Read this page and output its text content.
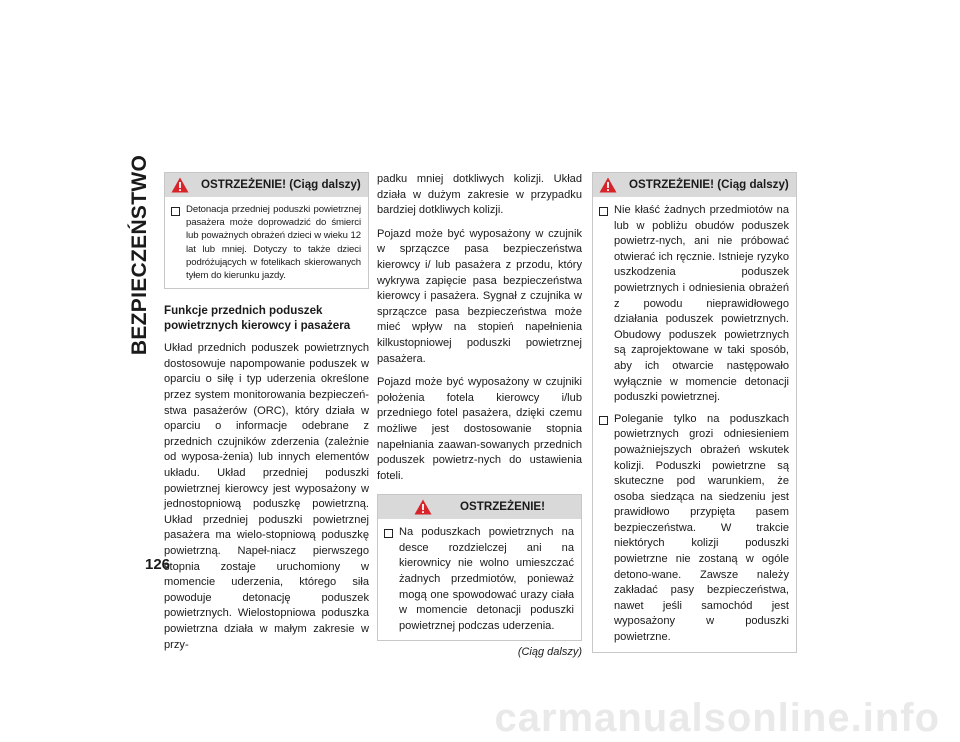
BEZPIECZEŃSTWO	OSTRZEŻENIE! (Ciąg dalszy)
Detonacja przedniej poduszki powietrznej pasażera może doprowadzić do śmierci lub poważnych obrażeń dzieci w wieku 12 lat lub mniej. Dotyczy to także dzieci podróżujących w fotelikach skierowanych tyłem do kierunku jazdy.
Funkcje przednich poduszek powietrznych kierowcy i pasażera

Układ przednich poduszek powietrznych dostosowuje napompowanie poduszek w oparciu o siłę i typ uderzenia określone przez system monitorowania bezpieczeń-stwa pasażerów (ORC), który działa w oparciu o informacje odebrane z przednich czujników zderzenia (zależnie od wyposa-żenia) lub innych elementów układu. Układ przedniej poduszki powietrznej kierowcy jest wyposażony w jednostopniową poduszkę powietrzną. Układ przedniej poduszki powietrznej pasażera ma wielo-stopniową poduszkę powietrzną. Napeł-niacz pierwszego stopnia zostaje uruchomiony w momencie uderzenia, którego siła powoduje detonację poduszek powietrznych. Wielostopniowa poduszka powietrzna działa w małym zakresie w przy-

padku mniej dotkliwych kolizji. Układ działa w dużym zakresie w przypadku bardziej dotkliwych kolizji.

Pojazd może być wyposażony w czujnik w sprzączce pasa bezpieczeństwa kierowcy i/ lub pasażera z przodu, który wykrywa zapięcie pasa bezpieczeństwa kierowcy i pasażera. Sygnał z czujnika w sprzączce pasa bezpieczeństwa może mieć wpływ na stopień napełnienia kilkustopniowej poduszki powietrznej pasażera.

Pojazd może być wyposażony w czujniki położenia fotela kierowcy i/lub przedniego fotel pasażera, dzięki czemu możliwe jest dostosowanie stopnia napełniania zaawan-sowanych przednich poduszek powietrz-nych do ustawienia foteli.

OSTRZEŻENIE!
Na poduszkach powietrznych na desce rozdzielczej ani na kierownicy nie wolno umieszczać żadnych przedmiotów, ponieważ mogą one spowodować urazy ciała w momencie detonacji poduszki powietrznej podczas uderzenia.
(Ciąg dalszy)
OSTRZEŻENIE! (Ciąg dalszy)
Nie kłaść żadnych przedmiotów na lub w pobliżu obudów poduszek powietrz-nych, ani nie próbować otwierać ich ręcznie. Istnieje ryzyko uszkodzenia poduszek powietrznych i odniesienia obrażeń z powodu nieprawidłowego działania poduszek powietrznych. Obudowy poduszek powietrznych są zaprojektowane w taki sposób, aby ich otwarcie następowało wyłącznie w momencie detonacji poduszki powietrznej.
Poleganie tylko na poduszkach powietrznych grozi odniesieniem poważniejszych obrażeń wskutek kolizji. Poduszki powietrzne są skuteczne pod warunkiem, że osoba siedząca na siedzeniu jest prawidłowo przypięta pasem bezpieczeństwa. W trakcie niektórych kolizji poduszki powietrzne nie zostaną w ogóle detono-wane. Zawsze należy zakładać pasy bezpieczeństwa, nawet jeśli samochód jest wyposażony w poduszki powietrzne.
126
carmanualsonline.info
